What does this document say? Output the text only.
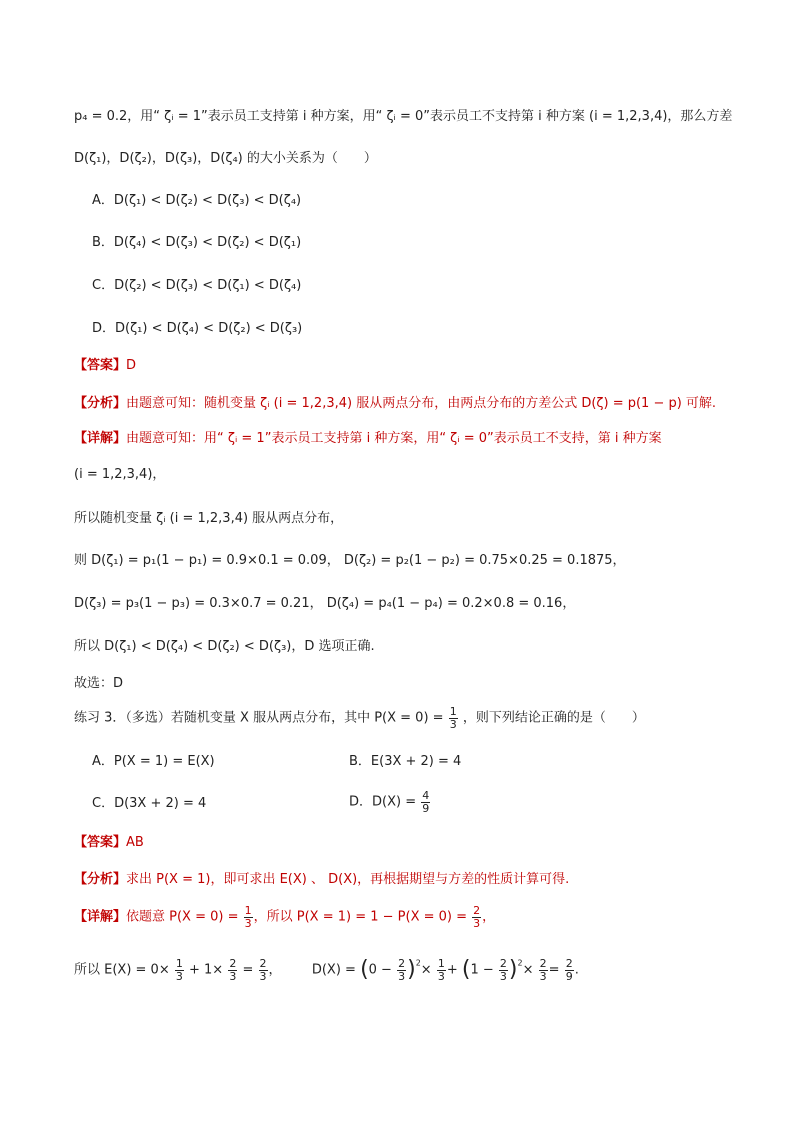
p₄ = 0.2，用“ ζᵢ = 1”表示员工支持第 i 种方案，用“ ζᵢ = 0”表示员工不支持第 i 种方案 (i = 1,2,3,4)，那么方差
D(ζ₁)，D(ζ₂)，D(ζ₃)，D(ζ₄) 的大小关系为（　　）
A．D(ζ₁) < D(ζ₂) < D(ζ₃) < D(ζ₄)
B．D(ζ₄) < D(ζ₃) < D(ζ₂) < D(ζ₁)
C．D(ζ₂) < D(ζ₃) < D(ζ₁) < D(ζ₄)
D．D(ζ₁) < D(ζ₄) < D(ζ₂) < D(ζ₃)
【答案】D
【分析】由题意可知：随机变量 ζᵢ (i = 1,2,3,4) 服从两点分布，由两点分布的方差公式 D(ζ) = p(1 − p) 可解.
【详解】由题意可知：用“ ζᵢ = 1”表示员工支持第 i 种方案，用“ ζᵢ = 0”表示员工不支持，第 i 种方案
(i = 1,2,3,4)，
所以随机变量 ζᵢ (i = 1,2,3,4) 服从两点分布，
则 D(ζ₁) = p₁(1 − p₁) = 0.9×0.1 = 0.09， D(ζ₂) = p₂(1 − p₂) = 0.75×0.25 = 0.1875，
D(ζ₃) = p₃(1 − p₃) = 0.3×0.7 = 0.21， D(ζ₄) = p₄(1 − p₄) = 0.2×0.8 = 0.16，
所以 D(ζ₁) < D(ζ₄) < D(ζ₂) < D(ζ₃)，D 选项正确.
故选：D
练习 3．（多选）若随机变量 X 服从两点分布，其中 $P(X = 0) = \frac{1}{3}$ ，则下列结论正确的是（　　）
A．P(X = 1) = E(X)	B．E(3X + 2) = 4
C．D(3X + 2) = 4	D．$D(X) = \frac{4}{9}$
【答案】AB
【分析】求出 P(X = 1)，即可求出 E(X) 、 D(X)，再根据期望与方差的性质计算可得.
【详解】依题意 $P(X = 0) = \frac{1}{3}$ ，所以 $P(X = 1) = 1 - P(X = 0) = \frac{2}{3}$ ，
所以 $E(X) = 0\times \frac{1}{3} + 1\times \frac{2}{3} = \frac{2}{3}$ ， $D(X) = (0 - \frac{2}{3} )^2\times \frac{1}{3} + (1 - \frac{2}{3} )^2\times \frac{2}{3} = \frac{2}{9}$ .
